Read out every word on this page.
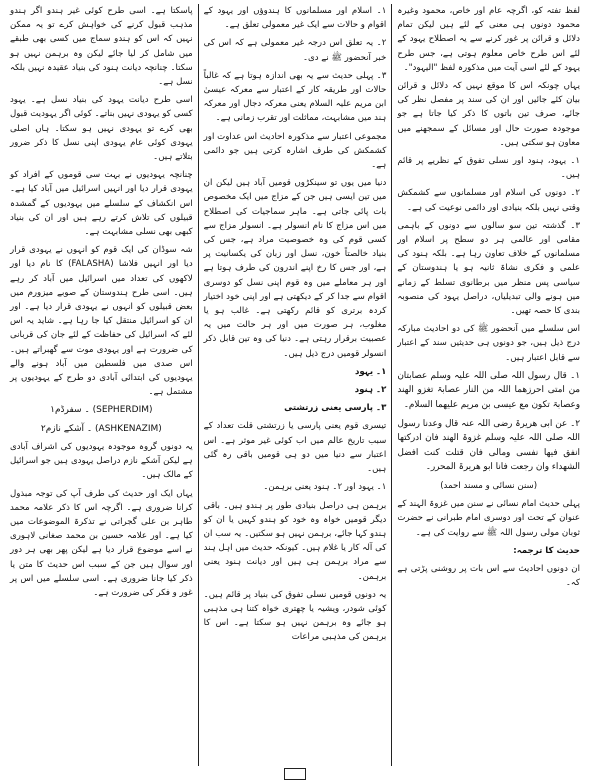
لفظ تفتہ کو، اگرچہ عام اور خاص، محمود وغیرہ محمود دونوں ہی معنی کے لئے ہیں لیکن تمام دلائل و قرائن پر غور کرنے سے یہ اصطلاح یہود کے لئے اس طرح خاص معلوم ہوتی ہے، جس طرح یہود کے لئے اسی آیت میں مذکورہ لفظ "الیہود"۔

یہاں چونکہ اس کا موقع نہیں کہ دلائل و قرائن بیان کئے جائیں اور ان کی سند پر مفصل نظر کی جائے، صرف تین باتوں کا ذکر کیا جاتا ہے جو موجودہ صورت حال اور مسائل کے سمجھنے میں معاون ہو سکتی ہیں۔

۱۔ یہود، ہنود اور نسلی تفوق کے نظریے پر قائم ہیں۔

۲۔ دونوں کی اسلام اور مسلمانوں سے کشمکش وقتی نہیں بلکہ بنیادی اور دائمی نوعیت کی ہے۔

۳۔ گذشتہ تین سو سالوں سے دونوں کے باہمی مقامی اور عالمی ہر دو سطح پر اسلام اور مسلمانوں کے خلاف تعاون رہا ہے۔ بلکہ ہنود کی علمی و فکری نشاۃ ثانیہ ہو یا ہندوستان کے سیاسی پس منظر میں برطانوی تسلط کے زمانے میں ہونے والی تبدیلیاں، دراصل یہود کی منصوبہ بندی کا حصہ تھیں۔

اس سلسلے میں آنحضور ﷺ کی دو احادیث مبارکہ درج ذیل ہیں، جو دونوں ہی حدیثیں سند کے اعتبار سے قابل اعتبار ہیں۔

۱۔ قال رسول اللہ صلی اللہ علیہ وسلم عصابتان من امتی احرزھما اللہ من النار عصابۃ تغزو الھند وعصابۃ تکون مع عیسی بن مریم علیھما السلام۔

۲۔ عن ابی ھریرۃ رضی اللہ عنہ قال وعدنا رسول اللہ صلی اللہ علیہ وسلم غزوۃ الھند فان ادرکتھا انفق فیھا نفسی ومالی فان قتلت کنت افضل الشھداء وان رجعت فانا ابو ھریرۃ المحرر۔

(سنن نسائی و مسند احمد)

پہلی حدیث امام نسائی نے سنن میں غزوۃ الہند کے عنوان کے تحت اور دوسری امام طبرانی نے حضرت ثوبان مولی رسول اللہ ﷺ سے روایت کی ہے۔

حدیث کا ترجمہ:

ان دونوں احادیث سے اس بات پر روشنی پڑتی ہے کہ۔

۱۔ اسلام اور مسلمانوں کا ہندوؤں اور یہود کے اقوام و حالات سے ایک غیر معمولی تعلق ہے۔

۲۔ یہ تعلق اس درجہ غیر معمولی ہے کہ اس کی خبر آنحضور ﷺ نے دی۔

۳۔ پہلی حدیث سے یہ بھی اندازہ ہوتا ہے کہ غالباً حالات اور طریقہ کار کے اعتبار سے معرکہ عیسیٰ ابن مریم علیہ السلام یعنی معرکہ دجال اور معرکہ ہند میں مشابہت، مماثلت اور تقرب زمانی ہے۔

مجموعی اعتبار سے مذکورہ احادیث اس عداوت اور کشمکش کی طرف اشارہ کرتی ہیں جو دائمی ہے۔

دنیا میں یوں تو سینکڑوں قومیں آباد ہیں لیکن ان میں تین ایسی ہیں جن کے مزاج میں ایک مخصوص بات پائی جاتی ہے۔ ماہر سماجیات کی اصطلاح میں اس مزاج کا نام انسولر ہے۔ انسولر مزاج سے کسی قوم کی وہ خصوصیت مراد ہے، جس کی بنیاد خالصتاً خون، نسل اور زبان کی یکسانیت پر ہے، اور جس کا رخ اپنے اندرون کی طرف ہوتا ہے اور ہر معاملے میں وہ قوم اپنی نسل کو دوسری اقوام سے جدا کر کے دیکھتی ہے اور اپنی خود اختیار کردہ برتری کو قائم رکھتی ہے۔ غالب ہو یا مغلوب، ہر صورت میں اور ہر حالت میں یہ عصبیت برقرار رہتی ہے۔ دنیا کی وہ تین قابل ذکر انسولر قومیں درج ذیل ہیں۔

۱۔ یہود

۲۔ ہنود

۳۔ پارسی یعنی زرتشتی

تیسری قوم یعنی پارسی یا زرتشتی قلت تعداد کے سبب تاریخ عالم میں اب کوئی غیر موثر ہے۔ اس اعتبار سے دنیا میں دو ہی قومیں باقی رہ گئی ہیں۔

۱۔ یہود اور ۲۔ ہنود یعنی برہمن۔

برہمن ہی دراصل بنیادی طور پر ہندو ہیں۔ باقی دیگر قومیں خواہ وہ خود کو ہندو کہیں یا ان کو ہندو کہا جائے، برہمن نہیں ہو سکتیں۔ یہ سب ان کی آلہ کار یا غلام ہیں۔ کیونکہ حدیث میں اہل ہند سے مراد برہمن ہی ہیں اور دیانت ہنود یعنی برہمن۔

یہ دونوں قومیں نسلی تفوق کی بنیاد پر قائم ہیں۔ کوئی شودر، ویشیہ یا چھتری خواہ کتنا ہی مذہبی ہو جائے وہ برہمن نہیں ہو سکتا ہے۔ اس کا برہمن کی مذہبی مراعات

پاسکتا ہے۔ اسی طرح کوئی غیر ہندو اگر ہندو مذہب قبول کرنے کی خواہش کرے تو یہ ممکن نہیں کہ اس کو ہندو سماج میں کسی بھی طبقے میں شامل کر لیا جائے لیکن وہ برہمن نہیں ہو سکتا۔ چنانچہ دیانت ہنود کی بنیاد عقیدہ نہیں بلکہ نسل ہے۔

اسی طرح دیانت یہود کی بنیاد نسل ہے۔ یہود کسی کو یہودی نہیں بناتے۔ کوئی اگر یہودیت قبول بھی کرے تو یہودی نہیں ہو سکتا۔ ہاں اصلی یہودی کوئی عام یہودی اپنی نسل کا ذکر ضرور بتلاتے ہیں۔

چنانچہ یہودیوں نے بہت سی قوموں کے افراد کو یہودی قرار دیا اور انہیں اسرائیل میں آباد کیا ہے۔ اس انکشاف کے سلسلے میں یہودیوں کے گمشدہ قبیلوں کی تلاش کرتے رہے ہیں اور ان کی بنیاد کبھی بھی نسلی مشابہت ہے۔

شہ سوڈان کی ایک قوم کو انہوں نے یہودی قرار دیا اور انہیں فلاشا (FALASHA) کا نام دیا اور لاکھوں کی تعداد میں اسرائیل میں آباد کر رہے ہیں۔ اسی طرح ہندوستان کے صوبے میزورم میں بعض قبیلوں کو انہوں نے یہودی قرار دیا ہے۔ اور ان کو اسرائیل منتقل کیا جا رہا ہے۔ شاید یہ اس لئے کہ اسرائیل کی حفاظت کے لئے جان کی قربانی کی ضرورت ہے اور یہودی موت سے گھبراتے ہیں۔ اس صدی میں فلسطین میں آباد ہونے والے یہودیوں کی ابتدائی آبادی دو طرح کے یہودیوں پر مشتمل ہے۔

۱۔ سفرڈم (SEPHERDIM)

۲۔ آشکے نازم (ASHKENAZIM)

یہ دونوں گروہ موجودہ یہودیوں کی اشراف آبادی ہے لیکن آشکے نازم دراصل یہودی ہیں جو اسرائیل کے مالک ہیں۔

یہاں ایک اور حدیث کی طرف آپ کی توجہ مبذول کرانا ضروری ہے۔ اگرچہ اس کا ذکر علامہ محمد طاہر بن علی گجراتی نے تذکرۃ الموضوعات میں کیا ہے۔ اور علامہ حسین بن محمد صغانی لاہوری نے اسے موضوع قرار دیا ہے لیکن پھر بھی ہر دور اور سوال ہیں جن کے سبب اس حدیث کا متن یا ذکر کیا جانا ضروری ہے۔ اسی سلسلے میں اس پر غور و فکر کی ضرورت ہے۔
